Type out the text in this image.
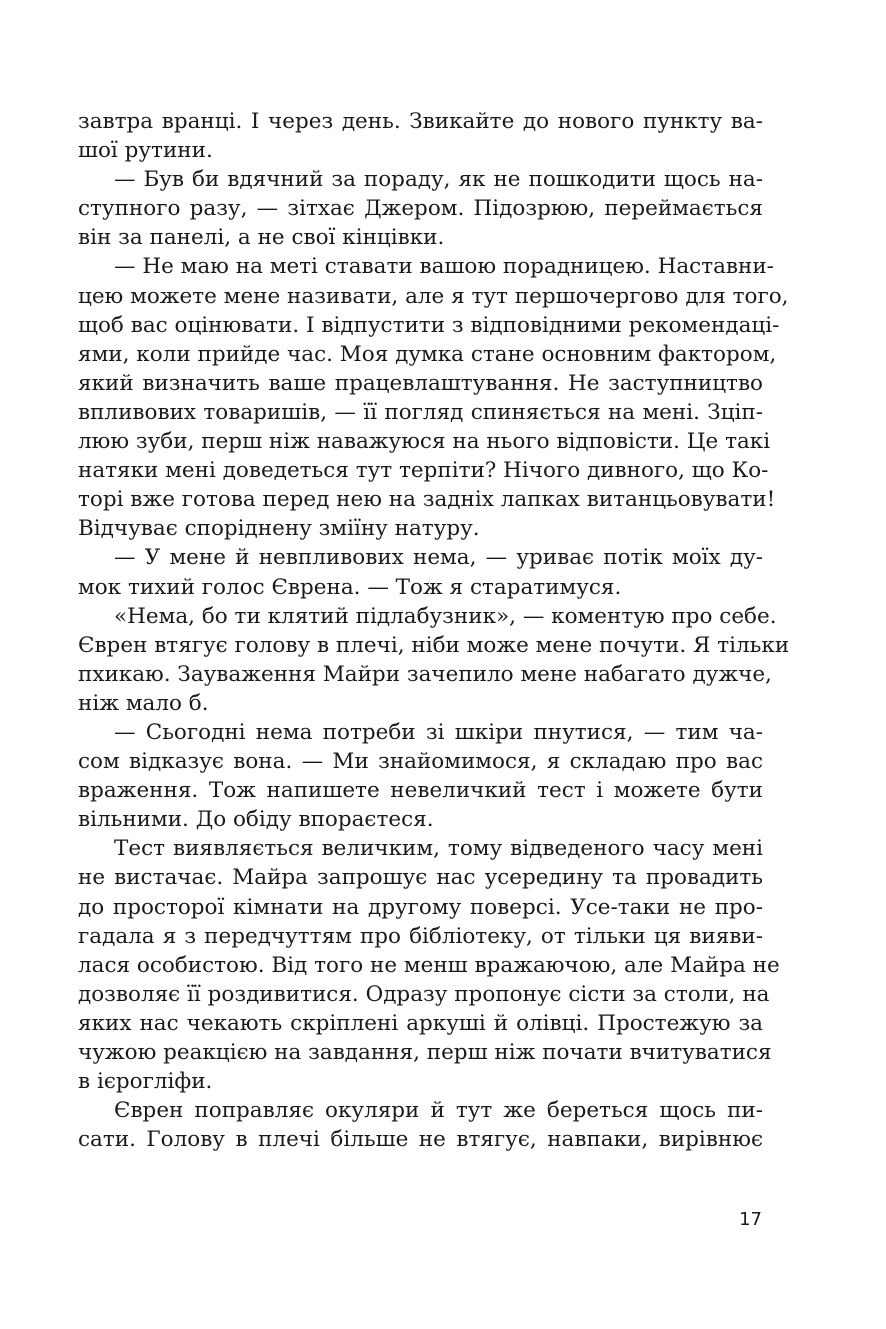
завтра вранці. І через день. Звикайте до нового пункту ва-
шої рутини.
— Був би вдячний за пораду, як не пошкодити щось на-
ступного разу, — зітхає Джером. Підозрюю, переймається
він за панелі, а не свої кінцівки.
— Не маю на меті ставати вашою порадницею. Наставни-
цею можете мене називати, але я тут першочергово для того,
щоб вас оцінювати. І відпустити з відповідними рекомендаці-
ями, коли прийде час. Моя думка стане основним фактором,
який визначить ваше працевлаштування. Не заступництво
впливових товаришів, — її погляд спиняється на мені. Зціп-
люю зуби, перш ніж наважуюся на нього відповісти. Це такі
натяки мені доведеться тут терпіти? Нічого дивного, що Ко-
торі вже готова перед нею на задніх лапках витанцьовувати!
Відчуває споріднену зміїну натуру.
— У мене й невпливових нема, — уриває потік моїх ду-
мок тихий голос Єврена. — Тож я старатимуся.
«Нема, бо ти клятий підлабузник», — коментую про себе.
Єврен втягує голову в плечі, ніби може мене почути. Я тільки
пхикаю. Зауваження Майри зачепило мене набагато дужче,
ніж мало б.
— Сьогодні нема потреби зі шкіри пнутися, — тим ча-
сом відказує вона. — Ми знайомимося, я складаю про вас
враження. Тож напишете невеличкий тест і можете бути
вільними. До обіду впораєтеся.
Тест виявляється величким, тому відведеного часу мені
не вистачає. Майра запрошує нас усередину та провадить
до просторої кімнати на другому поверсі. Усе-таки не про-
гадала я з передчуттям про бібліотеку, от тільки ця вияви-
лася особистою. Від того не менш вражаючою, але Майра не
дозволяє її роздивитися. Одразу пропонує сісти за столи, на
яких нас чекають скріплені аркуші й олівці. Простежую за
чужою реакцією на завдання, перш ніж почати вчитуватися
в ієрогліфи.
Єврен поправляє окуляри й тут же береться щось пи-
сати. Голову в плечі більше не втягує, навпаки, вирівнює
17
